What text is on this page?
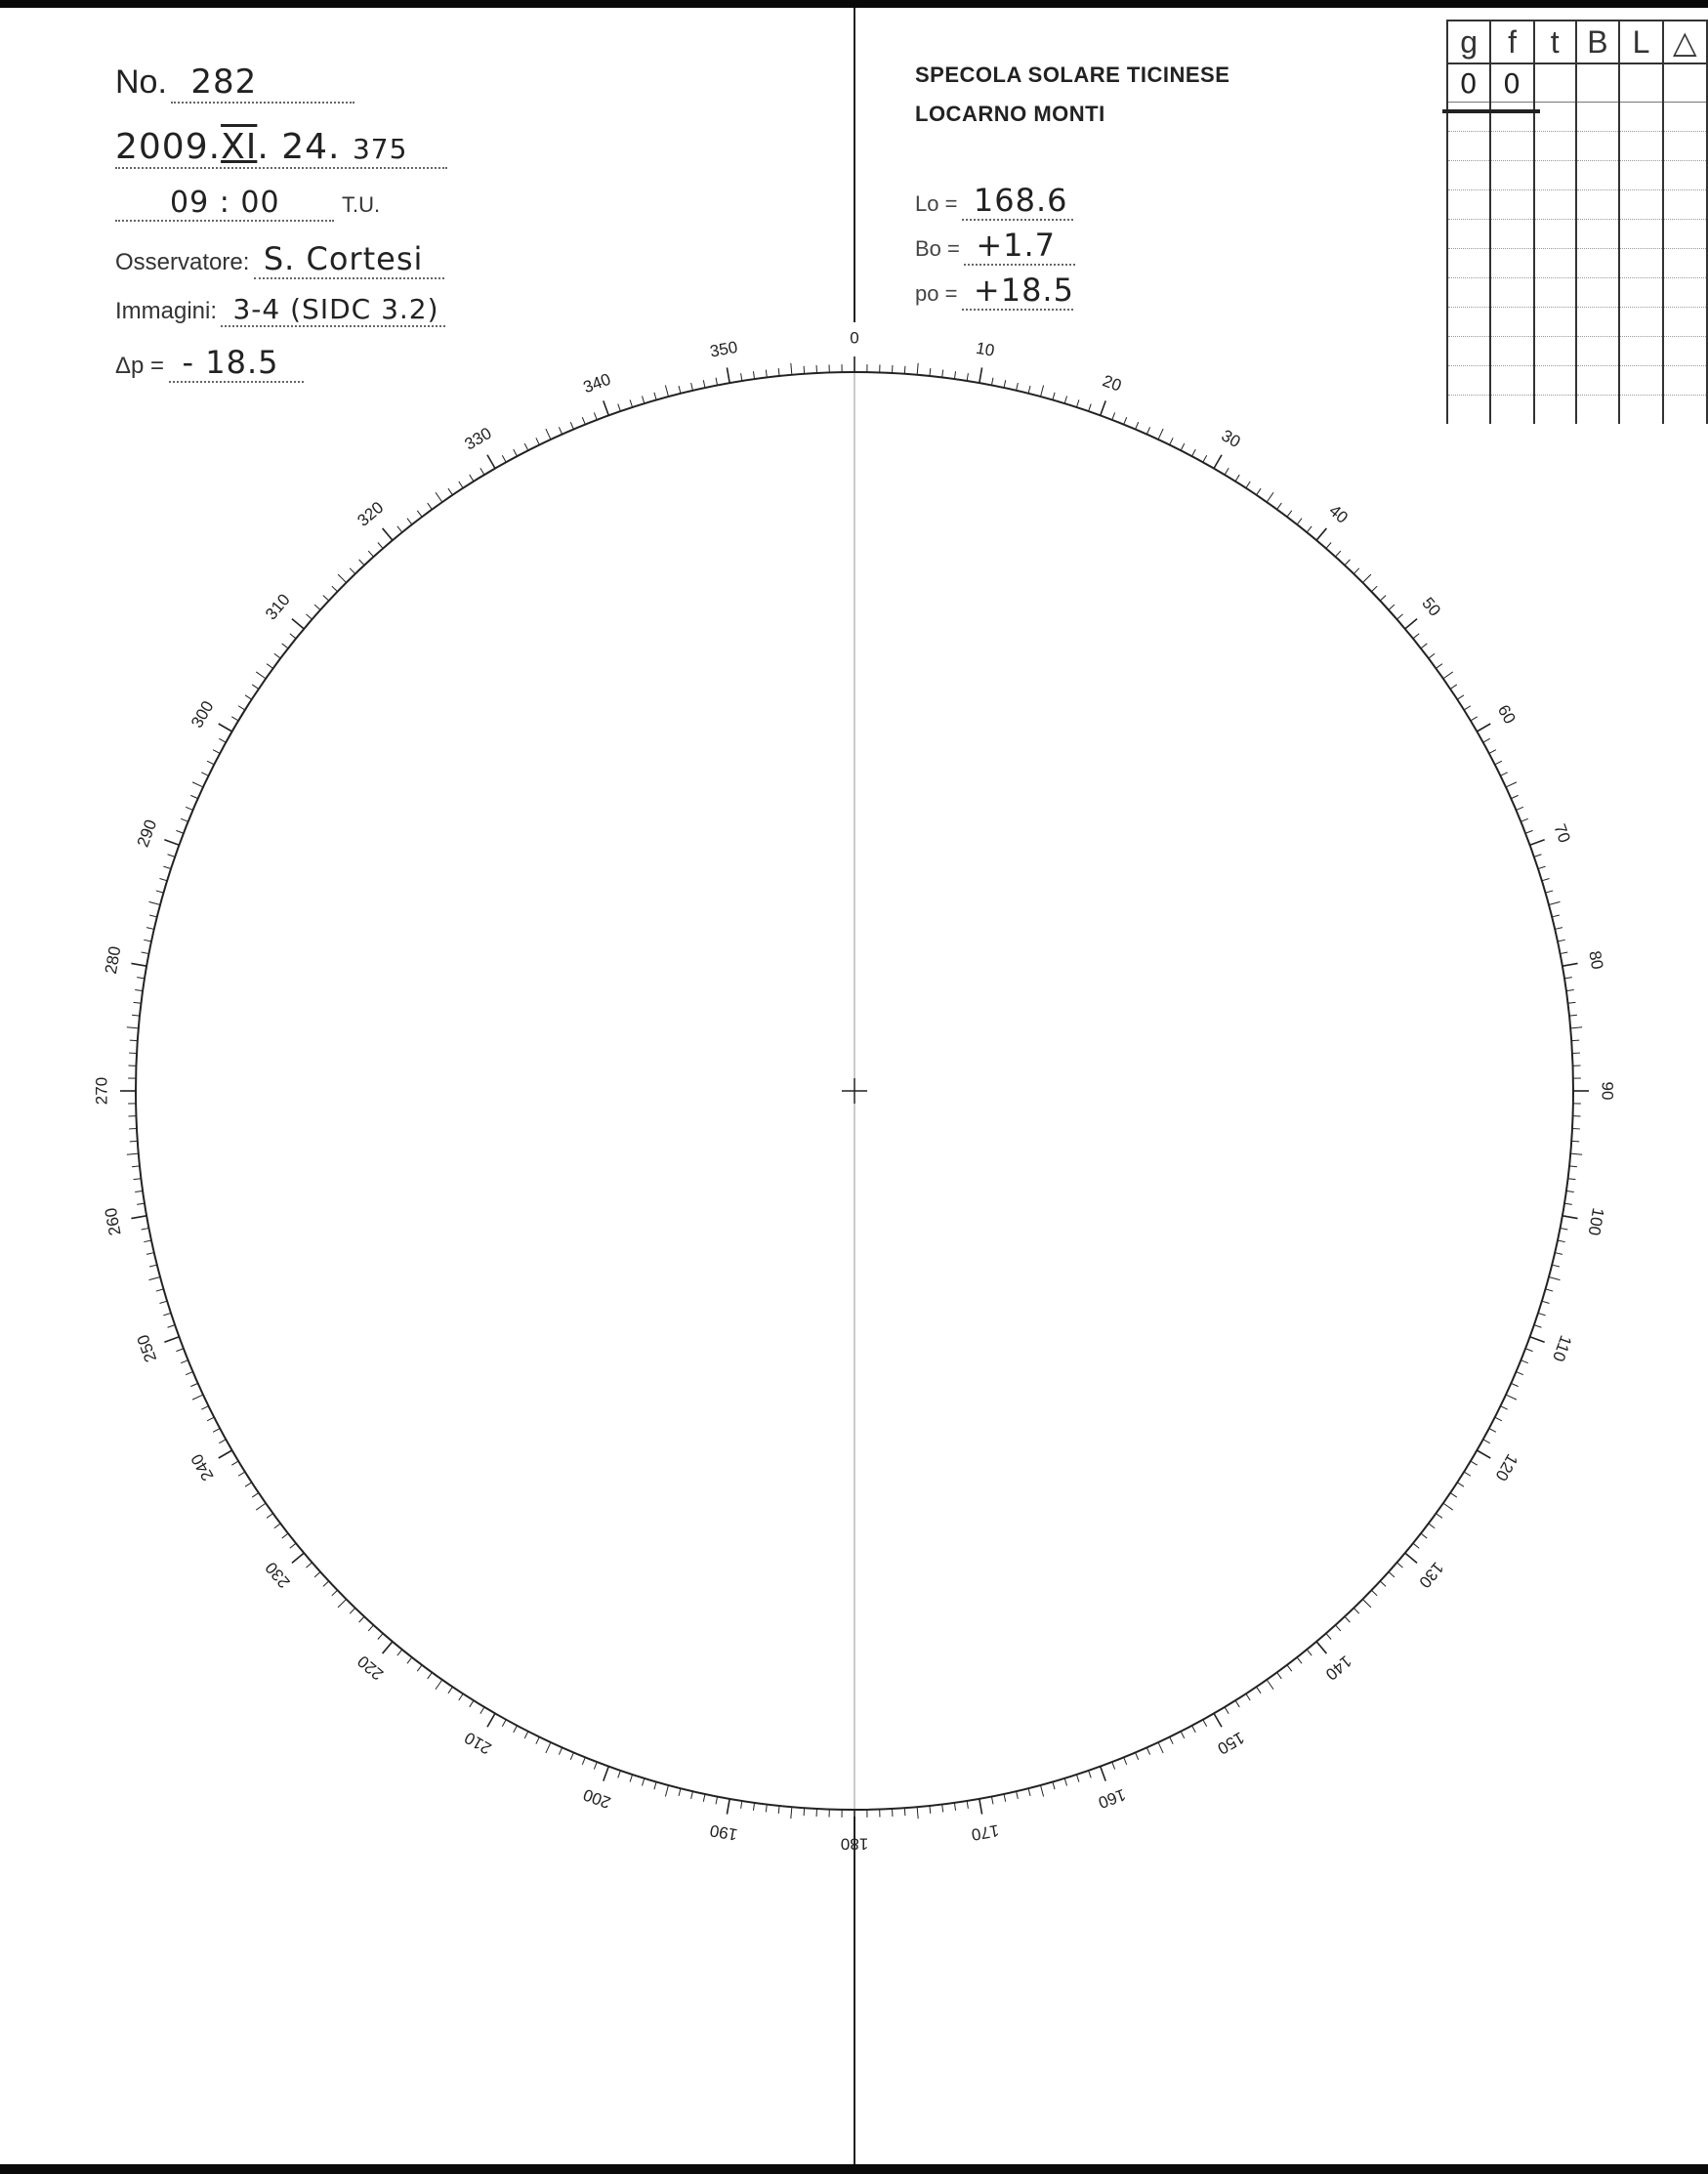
No. 282
2009.XI. 24. 375
09 : 00	T.U.
Osservatore: S. Cortesi
Immagini: 3-4 (SIDC 3.2)
Δp = - 18.5
SPECOLA SOLARE TICINESE
LOCARNO MONTI
Lo = 168.6
Bo = +1.7
po = +18.5
g	f	t	B	L	△
0	0				

0
10
20
30
40
50
60
70
80
90
100
110
120
130
140
150
160
170
180
190
200
210
220
230
240
250
260
270
280
290
300
310
320
330
340
350
